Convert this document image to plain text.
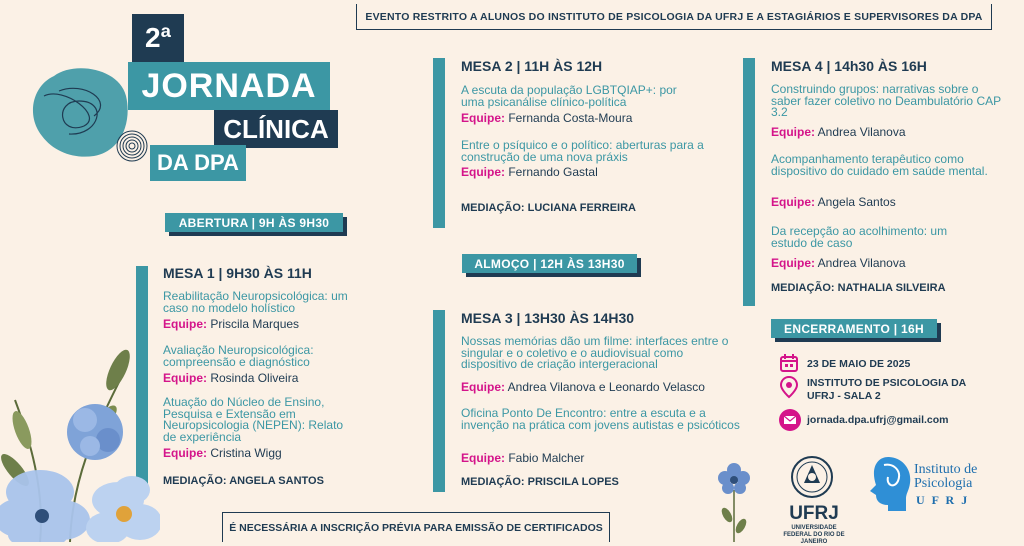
EVENTO RESTRITO A ALUNOS DO INSTITUTO DE PSICOLOGIA DA UFRJ E A ESTAGIÁRIOS E SUPERVISORES DA DPA
2ª
JORNADA
CLÍNICA
DA DPA
ABERTURA | 9H ÀS 9H30
MESA 1 | 9H30 ÀS 11H
Reabilitação Neuropsicológica: um caso no modelo holístico
Equipe: Priscila Marques
Avaliação Neuropsicológica: compreensão e diagnóstico
Equipe: Rosinda Oliveira
Atuação do Núcleo de Ensino, Pesquisa e Extensão em Neuropsicologia (NEPEN): Relato de experiência
Equipe: Cristina Wigg
MEDIAÇÃO: ANGELA SANTOS
MESA 2 | 11H ÀS 12H
A escuta da população LGBTQIAP+: por uma psicanálise clínico-política
Equipe: Fernanda Costa-Moura
Entre o psíquico e o político: aberturas para a construção de uma nova práxis
Equipe: Fernando Gastal
MEDIAÇÃO: LUCIANA FERREIRA
ALMOÇO | 12H ÀS 13H30
MESA 3 | 13H30 ÀS 14H30
Nossas memórias dão um filme: interfaces entre o singular e o coletivo e o audiovisual como dispositivo de criação intergeracional
Equipe: Andrea Vilanova e Leonardo Velasco
Oficina Ponto De Encontro: entre a escuta e a invenção na prática com jovens autistas e psicóticos
Equipe: Fabio Malcher
MEDIAÇÃO: PRISCILA LOPES
MESA 4 | 14h30 ÀS 16H
Construindo grupos: narrativas sobre o saber fazer coletivo no Deambulatório CAP 3.2
Equipe: Andrea Vilanova
Acompanhamento terapêutico como dispositivo do cuidado em saúde mental.
Equipe: Angela Santos
Da recepção ao acolhimento: um estudo de caso
Equipe: Andrea Vilanova
MEDIAÇÃO: NATHALIA SILVEIRA
ENCERRAMENTO | 16H
23 DE MAIO DE 2025
INSTITUTO DE PSICOLOGIA DA UFRJ - SALA 2
jornada.dpa.ufrj@gmail.com
UFRJ
UNIVERSIDADE FEDERAL DO RIO DE JANEIRO
Instituto de
Psicologia
U F R J
É NECESSÁRIA A INSCRIÇÃO PRÉVIA PARA EMISSÃO DE CERTIFICADOS
